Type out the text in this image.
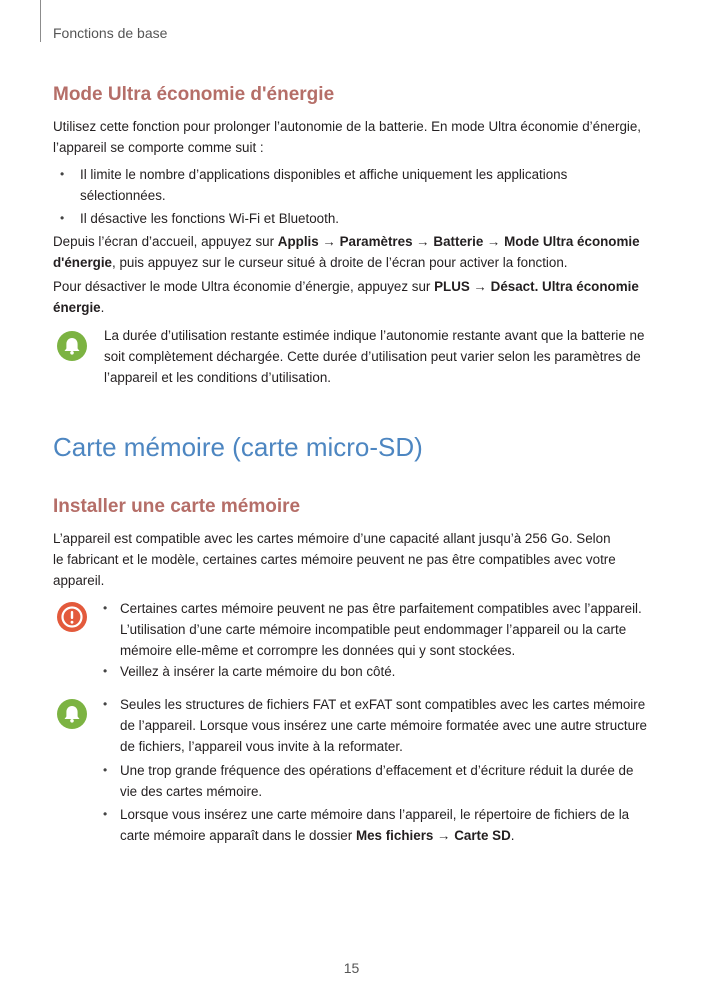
Fonctions de base
Mode Ultra économie d'énergie

Utilisez cette fonction pour prolonger l’autonomie de la batterie. En mode Ultra économie d’énergie, l’appareil se comporte comme suit :

• Il limite le nombre d’applications disponibles et affiche uniquement les applications sélectionnées.
• Il désactive les fonctions Wi-Fi et Bluetooth.

Depuis l’écran d’accueil, appuyez sur Applis → Paramètres → Batterie → Mode Ultra économie d'énergie, puis appuyez sur le curseur situé à droite de l’écran pour activer la fonction.

Pour désactiver le mode Ultra économie d’énergie, appuyez sur PLUS → Désact. Ultra économie énergie.

La durée d’utilisation restante estimée indique l’autonomie restante avant que la batterie ne soit complètement déchargée. Cette durée d’utilisation peut varier selon les paramètres de l’appareil et les conditions d’utilisation.

Carte mémoire (carte micro-SD)
Installer une carte mémoire

L’appareil est compatible avec les cartes mémoire d’une capacité allant jusqu’à 256 Go. Selon le fabricant et le modèle, certaines cartes mémoire peuvent ne pas être compatibles avec votre appareil.

• Certaines cartes mémoire peuvent ne pas être parfaitement compatibles avec l’appareil. L’utilisation d’une carte mémoire incompatible peut endommager l’appareil ou la carte mémoire elle-même et corrompre les données qui y sont stockées.
• Veillez à insérer la carte mémoire du bon côté.
• Seules les structures de fichiers FAT et exFAT sont compatibles avec les cartes mémoire de l’appareil. Lorsque vous insérez une carte mémoire formatée avec une autre structure de fichiers, l’appareil vous invite à la reformater.
• Une trop grande fréquence des opérations d’effacement et d’écriture réduit la durée de vie des cartes mémoire.
• Lorsque vous insérez une carte mémoire dans l’appareil, le répertoire de fichiers de la carte mémoire apparaît dans le dossier Mes fichiers → Carte SD.
15
